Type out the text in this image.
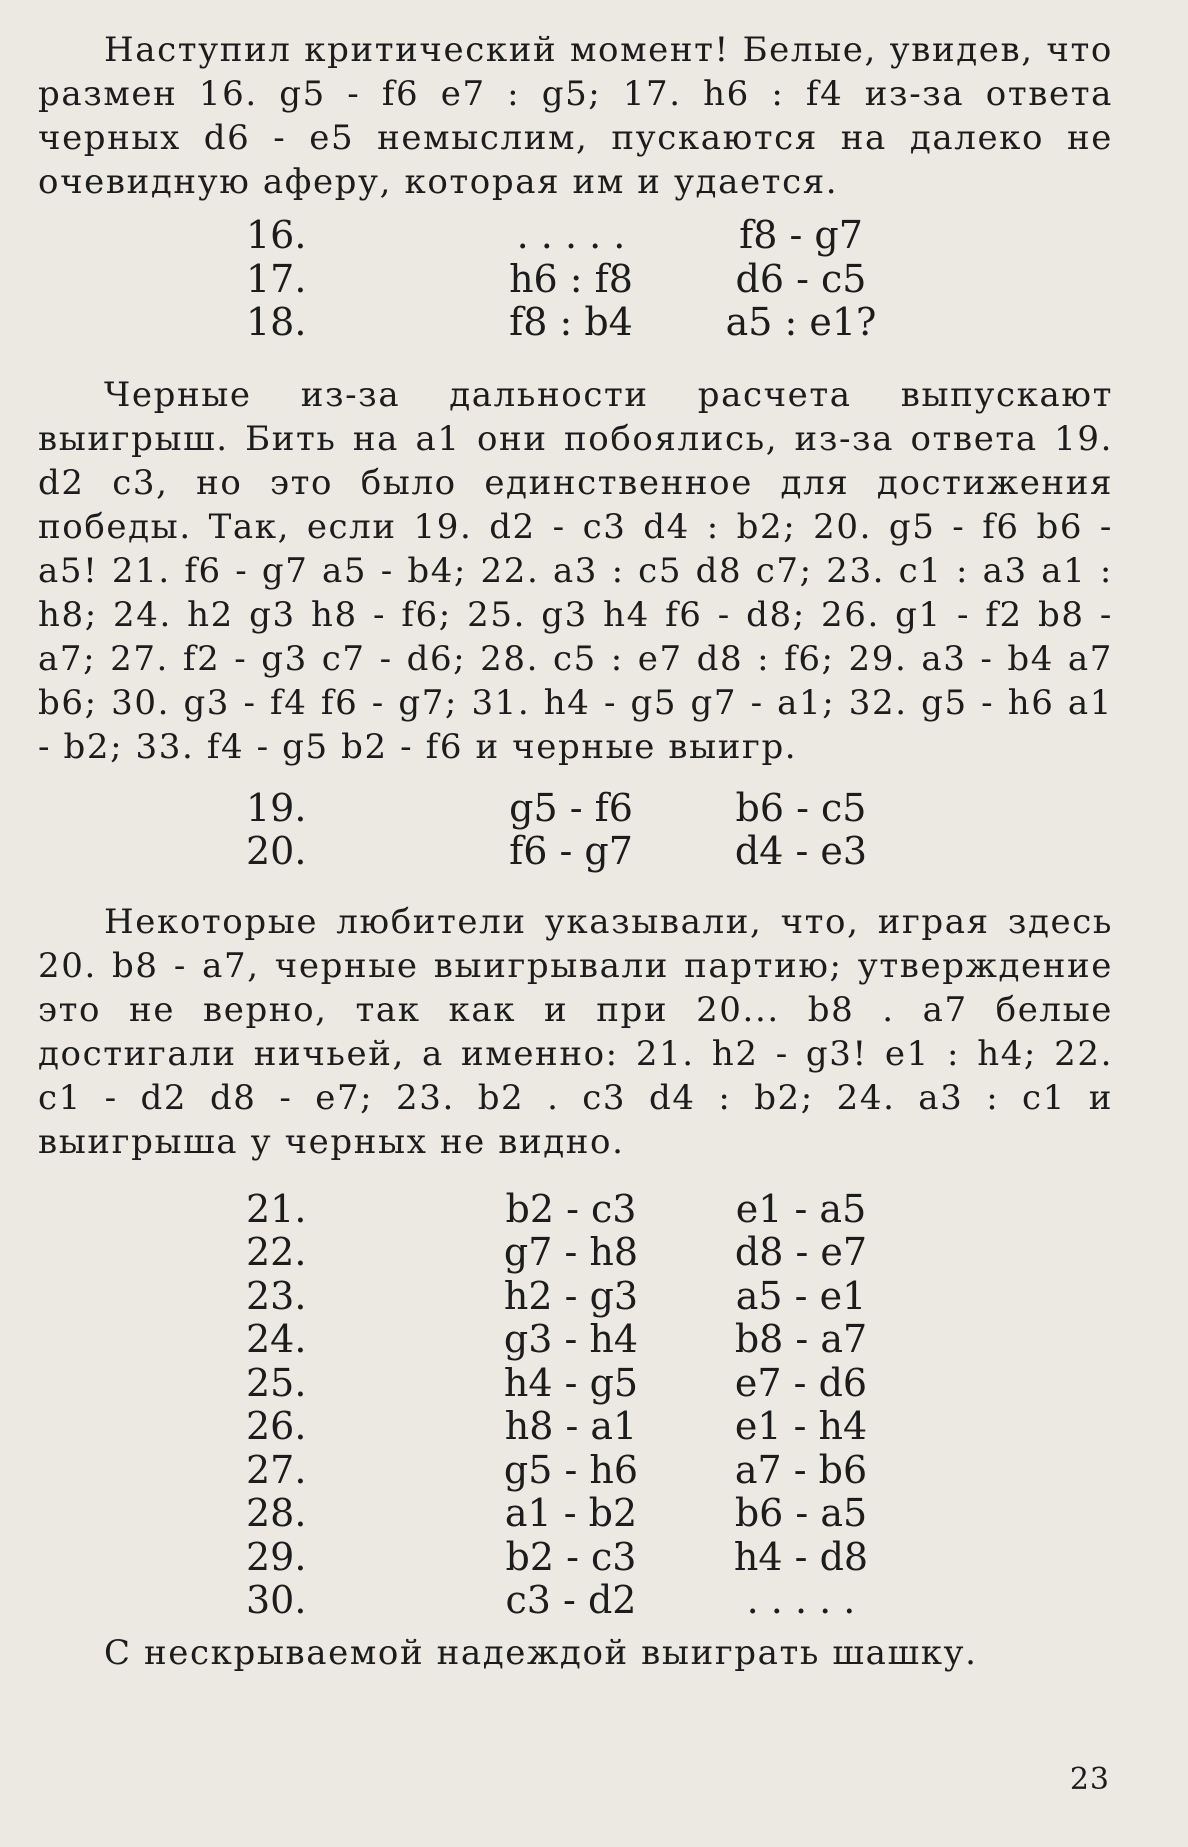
Наступил критический момент! Белые, увидев, что размен 16. g5 - f6 e7 : g5; 17. h6 : f4 из-за ответа черных d6 - e5 немыслим, пускаются на далеко не очевидную аферу, которая им и удается.

16.	. . . . .	f8 - g7
17.	h6 : f8	d6 - c5
18.	f8 : b4	a5 : e1?

Черные из-за дальности расчета выпускают выигрыш. Бить на a1 они побоялись, из-за ответа 19. d2 c3, но это было единственное для достижения победы. Так, если 19. d2 - c3 d4 : b2; 20. g5 - f6 b6 - a5! 21. f6 - g7 a5 - b4; 22. a3 : c5 d8 c7; 23. c1 : a3 a1 : h8; 24. h2 g3 h8 - f6; 25. g3 h4 f6 - d8; 26. g1 - f2 b8 - a7; 27. f2 - g3 c7 - d6; 28. c5 : e7 d8 : f6; 29. a3 - b4 a7 b6; 30. g3 - f4 f6 - g7; 31. h4 - g5 g7 - a1; 32. g5 - h6 a1 - b2; 33. f4 - g5 b2 - f6 и черные выигр.

19.	g5 - f6	b6 - c5
20.	f6 - g7	d4 - e3

Некоторые любители указывали, что, играя здесь 20. b8 - a7, черные выигрывали партию; утверждение это не верно, так как и при 20... b8 . a7 белые достигали ничьей, а именно: 21. h2 - g3! e1 : h4; 22. c1 - d2 d8 - e7; 23. b2 . c3 d4 : b2; 24. a3 : c1 и выигрыша у черных не видно.

21.	b2 - c3	e1 - a5
22.	g7 - h8	d8 - e7
23.	h2 - g3	a5 - e1
24.	g3 - h4	b8 - a7
25.	h4 - g5	e7 - d6
26.	h8 - a1	e1 - h4
27.	g5 - h6	a7 - b6
28.	a1 - b2	b6 - a5
29.	b2 - c3	h4 - d8
30.	c3 - d2	. . . . .

С нескрываемой надеждой выиграть шашку.

23
